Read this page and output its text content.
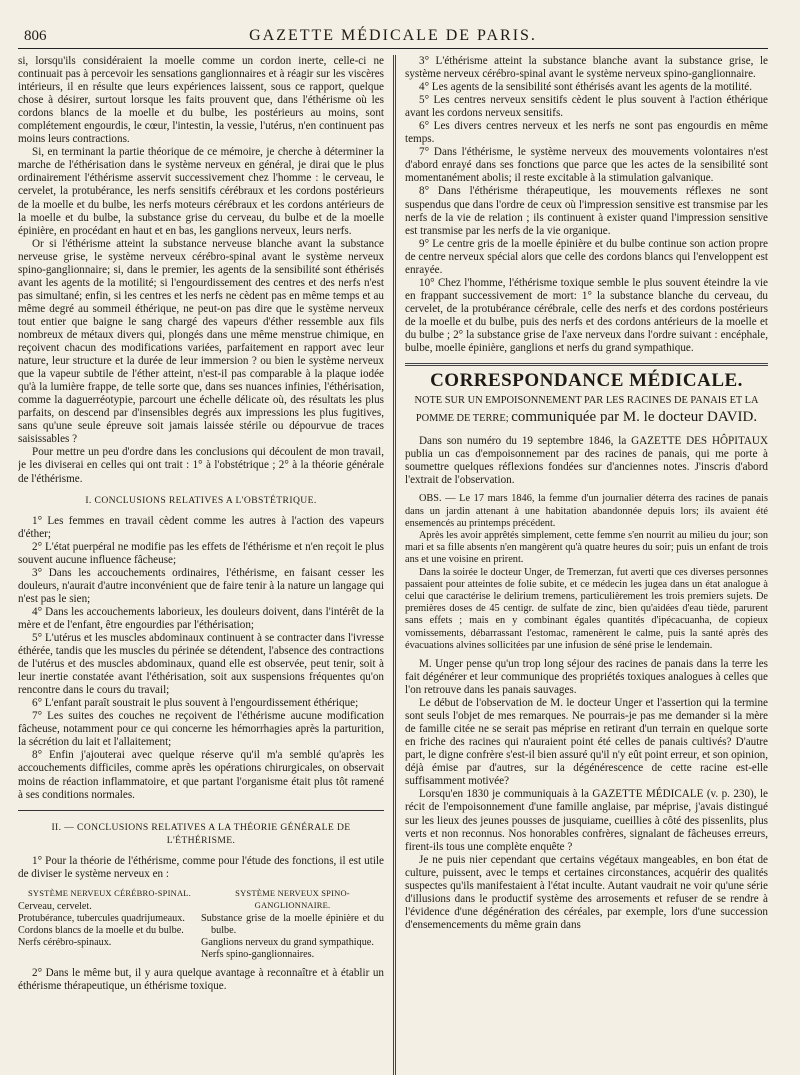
806	GAZETTE MÉDICALE DE PARIS.

si, lorsqu'ils considéraient la moelle comme un cordon inerte, celle-ci ne continuait pas à percevoir les sensations ganglionnaires et à réagir sur les viscères intérieurs, il en résulte que leurs expériences laissent, sous ce rapport, quelque chose à désirer, surtout lorsque les faits prouvent que, dans l'éthérisme où les cordons blancs de la moelle et du bulbe, les postérieurs au moins, sont complétement engourdis, le cœur, l'intestin, la vessie, l'utérus, n'en continuent pas moins leurs contractions.

Si, en terminant la partie théorique de ce mémoire, je cherche à déterminer la marche de l'éthérisation dans le système nerveux en général, je dirai que le plus ordinairement l'éthérisme asservit successivement chez l'homme : le cerveau, le cervelet, la protubérance, les nerfs sensitifs cérébraux et les cordons postérieurs de la moelle et du bulbe, les nerfs moteurs cérébraux et les cordons antérieurs de la moelle et du bulbe, la substance grise du cerveau, du bulbe et de la moelle épinière, en procédant en haut et en bas, les ganglions nerveux, leurs nerfs.

Or si l'éthérisme atteint la substance nerveuse blanche avant la substance nerveuse grise, le système nerveux cérébro-spinal avant le système nerveux spino-ganglionnaire; si, dans le premier, les agents de la sensibilité sont éthérisés avant les agents de la motilité; si l'engourdissement des centres et des nerfs n'est pas simultané; enfin, si les centres et les nerfs ne cèdent pas en même temps et au même degré au sommeil éthérique, ne peut-on pas dire que le système nerveux tout entier que baigne le sang chargé des vapeurs d'éther ressemble aux fils nombreux de métaux divers qui, plongés dans une même menstrue chimique, en reçoivent chacun des modifications variées, parfaitement en rapport avec leur nature, leur structure et la durée de leur immersion ? ou bien le système nerveux que la vapeur subtile de l'éther atteint, n'est-il pas comparable à la plaque iodée qu'à la lumière frappe, de telle sorte que, dans ses nuances infinies, l'éthérisation, comme la daguerréotypie, parcourt une échelle délicate où, des résultats les plus parfaits, on descend par d'insensibles degrés aux impressions les plus fugitives, sans qu'une seule épreuve soit jamais laissée stérile ou dépourvue de traces saisissables ?

Pour mettre un peu d'ordre dans les conclusions qui découlent de mon travail, je les diviserai en celles qui ont trait : 1° à l'obstétrique ; 2° à la théorie générale de l'éthérisme.

I. CONCLUSIONS RELATIVES A L'OBSTÉTRIQUE.

1° Les femmes en travail cèdent comme les autres à l'action des vapeurs d'éther;

2° L'état puerpéral ne modifie pas les effets de l'éthérisme et n'en reçoit le plus souvent aucune influence fâcheuse;

3° Dans les accouchements ordinaires, l'éthérisme, en faisant cesser les douleurs, n'aurait d'autre inconvénient que de faire tenir à la nature un langage qui n'est pas le sien;

4° Dans les accouchements laborieux, les douleurs doivent, dans l'intérêt de la mère et de l'enfant, être engourdies par l'éthérisation;

5° L'utérus et les muscles abdominaux continuent à se contracter dans l'ivresse éthérée, tandis que les muscles du périnée se détendent, l'absence des contractions de l'utérus et des muscles abdominaux, quand elle est observée, peut tenir, soit à leur inertie constatée avant l'éthérisation, soit aux suspensions fréquentes qu'on rencontre dans le cours du travail;

6° L'enfant paraît soustrait le plus souvent à l'engourdissement éthérique;

7° Les suites des couches ne reçoivent de l'éthérisme aucune modification fâcheuse, notamment pour ce qui concerne les hémorrhagies après la parturition, la sécrétion du lait et l'allaitement;

8° Enfin j'ajouterai avec quelque réserve qu'il m'a semblé qu'après les accouchements difficiles, comme après les opérations chirurgicales, on observait moins de réaction inflammatoire, et que partant l'organisme était plus tôt ramené à ses conditions normales.

II. — CONCLUSIONS RELATIVES A LA THÉORIE GÉNÉRALE DE L'ÉTHÉRISME.

1° Pour la théorie de l'éthérisme, comme pour l'étude des fonctions, il est utile de diviser le système nerveux en :

SYSTÈME NERVEUX CÉRÉBRO-SPINAL.
Cerveau, cervelet.
Protubérance, tubercules quadrijumeaux.
Cordons blancs de la moelle et du bulbe.
Nerfs cérébro-spinaux.
SYSTÈME NERVEUX SPINO-GANGLIONNAIRE.
Substance grise de la moelle épinière et du bulbe.
Ganglions nerveux du grand sympathique.
Nerfs spino-ganglionnaires.

2° Dans le même but, il y aura quelque avantage à reconnaître et à établir un éthérisme thérapeutique, un éthérisme toxique.

3° L'éthérisme atteint la substance blanche avant la substance grise, le système nerveux cérébro-spinal avant le système nerveux spino-ganglionnaire.

4° Les agents de la sensibilité sont éthérisés avant les agents de la motilité.

5° Les centres nerveux sensitifs cèdent le plus souvent à l'action éthérique avant les cordons nerveux sensitifs.

6° Les divers centres nerveux et les nerfs ne sont pas engourdis en même temps.

7° Dans l'éthérisme, le système nerveux des mouvements volontaires n'est d'abord enrayé dans ses fonctions que parce que les actes de la sensibilité sont momentanément abolis; il reste excitable à la stimulation galvanique.

8° Dans l'éthérisme thérapeutique, les mouvements réflexes ne sont suspendus que dans l'ordre de ceux où l'impression sensitive est transmise par les nerfs de la vie de relation ; ils continuent à exister quand l'impression sensitive est transmise par les nerfs de la vie organique.

9° Le centre gris de la moelle épinière et du bulbe continue son action propre de centre nerveux spécial alors que celle des cordons blancs qui l'enveloppent est enrayée.

10° Chez l'homme, l'éthérisme toxique semble le plus souvent éteindre la vie en frappant successivement de mort: 1° la substance blanche du cerveau, du cervelet, de la protubérance cérébrale, celle des nerfs et des cordons postérieurs de la moelle et du bulbe, puis des nerfs et des cordons antérieurs de la moelle et du bulbe ; 2° la substance grise de l'axe nerveux dans l'ordre suivant : encéphale, bulbe, moelle épinière, ganglions et nerfs du grand sympathique.

CORRESPONDANCE MÉDICALE.
NOTE SUR UN EMPOISONNEMENT PAR LES RACINES DE PANAIS ET LA POMME DE TERRE; communiquée par M. le docteur DAVID.

Dans son numéro du 19 septembre 1846, la GAZETTE DES HÔPITAUX publia un cas d'empoisonnement par des racines de panais, qui me porte à soumettre quelques réflexions fondées sur d'anciennes notes. J'inscris d'abord l'extrait de l'observation.

OBS. — Le 17 mars 1846, la femme d'un journalier déterra des racines de panais dans un jardin attenant à une habitation abandonnée depuis lors; ils avaient été ensemencés au printemps précédent.

Après les avoir apprêtés simplement, cette femme s'en nourrit au milieu du jour; son mari et sa fille absents n'en mangèrent qu'à quatre heures du soir; puis un enfant de trois ans et une voisine en prirent.

Dans la soirée le docteur Unger, de Tremerzan, fut averti que ces diverses personnes passaient pour atteintes de folie subite, et ce médecin les jugea dans un état analogue à celui que caractérise le delirium tremens, particulièrement les trois premiers sujets. De premières doses de 45 centigr. de sulfate de zinc, bien qu'aidées d'eau tiède, parurent sans effets ; mais en y combinant égales quantités d'ipécacuanha, de copieux vomissements, débarrassant l'estomac, ramenèrent le calme, puis la santé après des évacuations alvines sollicitées par une infusion de séné prise le lendemain.

M. Unger pense qu'un trop long séjour des racines de panais dans la terre les fait dégénérer et leur communique des propriétés toxiques analogues à celles que l'on retrouve dans les panais sauvages.

Le début de l'observation de M. le docteur Unger et l'assertion qui la termine sont seuls l'objet de mes remarques. Ne pourrais-je pas me demander si la mère de famille citée ne se serait pas méprise en retirant d'un terrain en quelque sorte en friche des racines qui n'auraient point été celles de panais cultivés? D'autre part, le digne confrère s'est-il bien assuré qu'il n'y eût point erreur, et son opinion, déjà émise par d'autres, sur la dégénérescence de cette racine est-elle suffisamment motivée?

Lorsqu'en 1830 je communiquais à la GAZETTE MÉDICALE (v. p. 230), le récit de l'empoisonnement d'une famille anglaise, par méprise, j'avais distingué sur les lieux des jeunes pousses de jusquiame, cueillies à côté des pissenlits, plus verts et non reconnus. Nos honorables confrères, signalant de fâcheuses erreurs, firent-ils tous une complète enquête ?

Je ne puis nier cependant que certains végétaux mangeables, en bon état de culture, puissent, avec le temps et certaines circonstances, acquérir des qualités suspectes qu'ils manifestaient à l'état inculte. Autant vaudrait ne voir qu'une série d'illusions dans le productif système des arrosements et refuser de se rendre à l'évidence d'une dégénération des céréales, par exemple, lors d'une succession d'ensemencements du même grain dans
